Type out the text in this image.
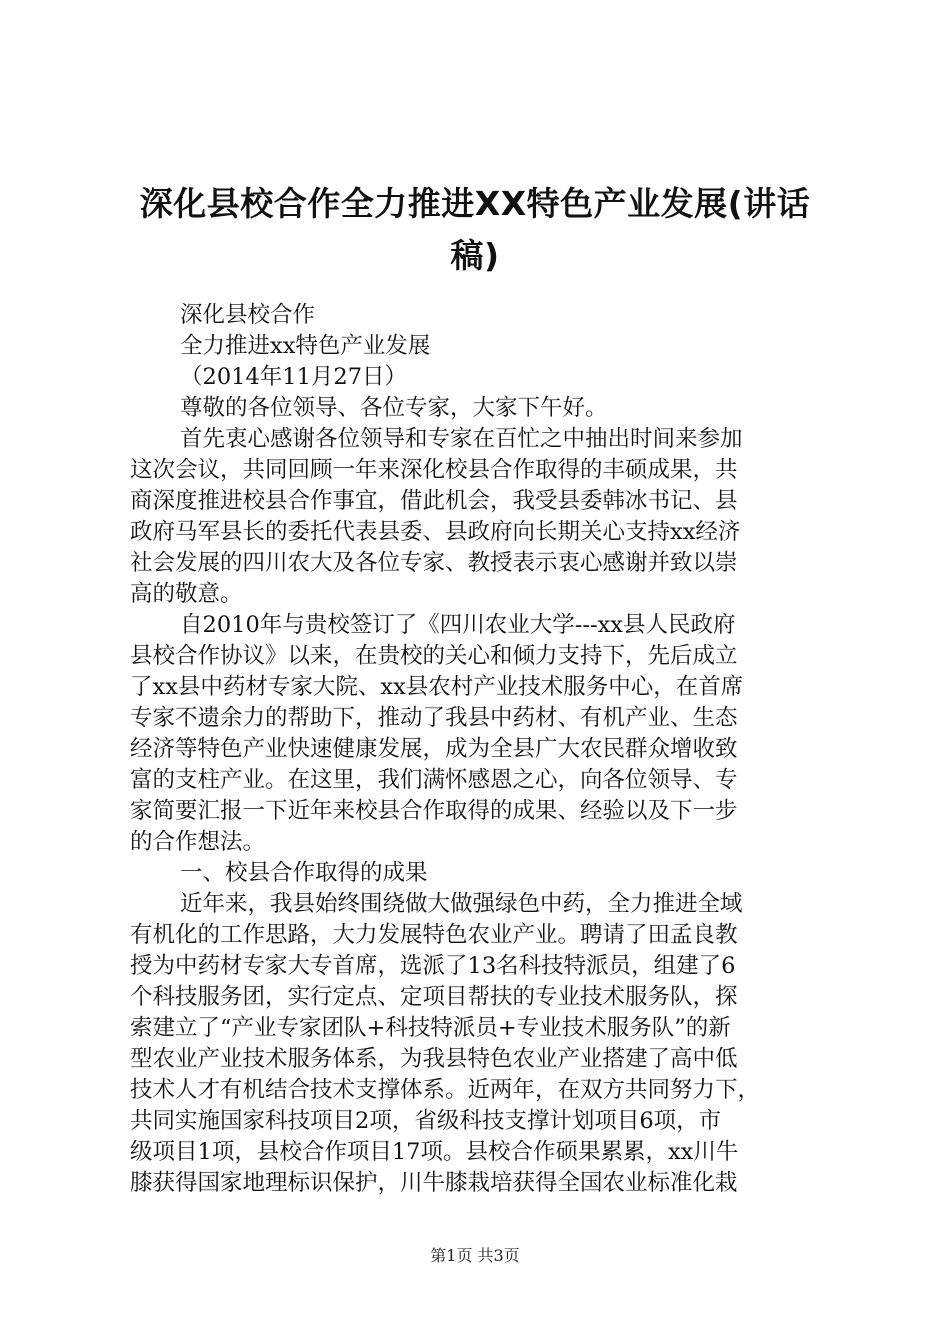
深化县校合作全力推进XX特色产业发展(讲话
稿)
深化县校合作
全力推进xx特色产业发展
（2014年11月27日）
尊敬的各位领导、各位专家，大家下午好。
首先衷心感谢各位领导和专家在百忙之中抽出时间来参加
这次会议，共同回顾一年来深化校县合作取得的丰硕成果，共
商深度推进校县合作事宜，借此机会，我受县委韩冰书记、县
政府马军县长的委托代表县委、县政府向长期关心支持xx经济
社会发展的四川农大及各位专家、教授表示衷心感谢并致以崇
高的敬意。
自2010年与贵校签订了《四川农业大学---xx县人民政府
县校合作协议》以来，在贵校的关心和倾力支持下，先后成立
了xx县中药材专家大院、xx县农村产业技术服务中心，在首席
专家不遗余力的帮助下，推动了我县中药材、有机产业、生态
经济等特色产业快速健康发展，成为全县广大农民群众增收致
富的支柱产业。在这里，我们满怀感恩之心，向各位领导、专
家简要汇报一下近年来校县合作取得的成果、经验以及下一步
的合作想法。
一、校县合作取得的成果
近年来，我县始终围绕做大做强绿色中药，全力推进全域
有机化的工作思路，大力发展特色农业产业。聘请了田孟良教
授为中药材专家大专首席，选派了13名科技特派员，组建了6
个科技服务团，实行定点、定项目帮扶的专业技术服务队，探
索建立了“产业专家团队+科技特派员+专业技术服务队”的新
型农业产业技术服务体系，为我县特色农业产业搭建了高中低
技术人才有机结合技术支撑体系。近两年，在双方共同努力下，
共同实施国家科技项目2项，省级科技支撑计划项目6项，市
级项目1项，县校合作项目17项。县校合作硕果累累，xx川牛
膝获得国家地理标识保护，川牛膝栽培获得全国农业标准化栽
第1页 共3页
